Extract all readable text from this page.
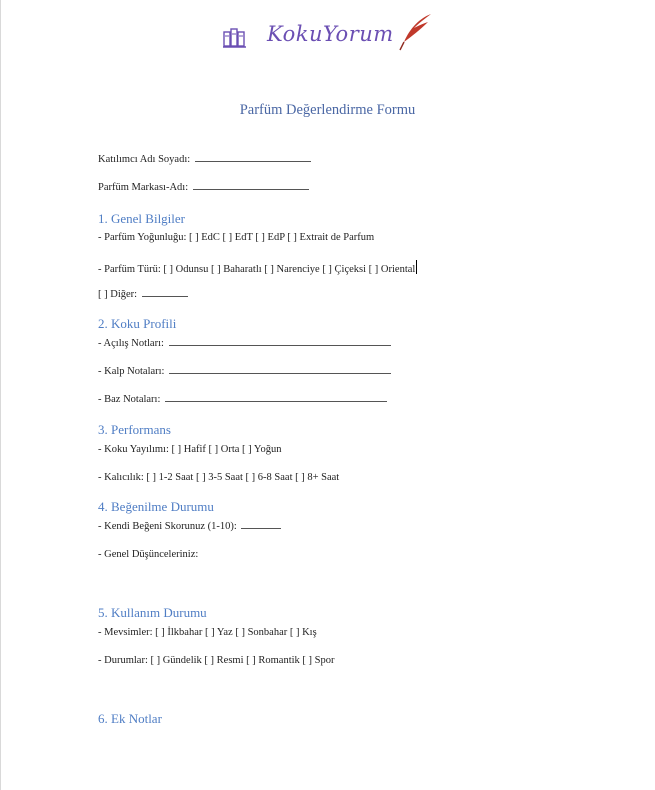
KokuYorum
Parfüm Değerlendirme Formu
Katılımcı Adı Soyadı:
Parfüm Markası-Adı:
1. Genel Bilgiler
- Parfüm Yoğunluğu: [ ] EdC [ ] EdT [ ] EdP [ ] Extrait de Parfum
- Parfüm Türü: [ ] Odunsu [ ] Baharatlı [ ] Narenciye [ ] Çiçeksi [ ] Oriental
[ ] Diğer:
2. Koku Profili
- Açılış Notları:
- Kalp Notaları:
- Baz Notaları:
3. Performans
- Koku Yayılımı: [ ] Hafif [ ] Orta [ ] Yoğun
- Kalıcılık: [ ] 1-2 Saat [ ] 3-5 Saat [ ] 6-8 Saat [ ] 8+ Saat
4. Beğenilme Durumu
- Kendi Beğeni Skorunuz (1-10):
- Genel Düşünceleriniz:
5. Kullanım Durumu
- Mevsimler: [ ] İlkbahar [ ] Yaz [ ] Sonbahar [ ] Kış
- Durumlar: [ ] Gündelik [ ] Resmi [ ] Romantik [ ] Spor
6. Ek Notlar
